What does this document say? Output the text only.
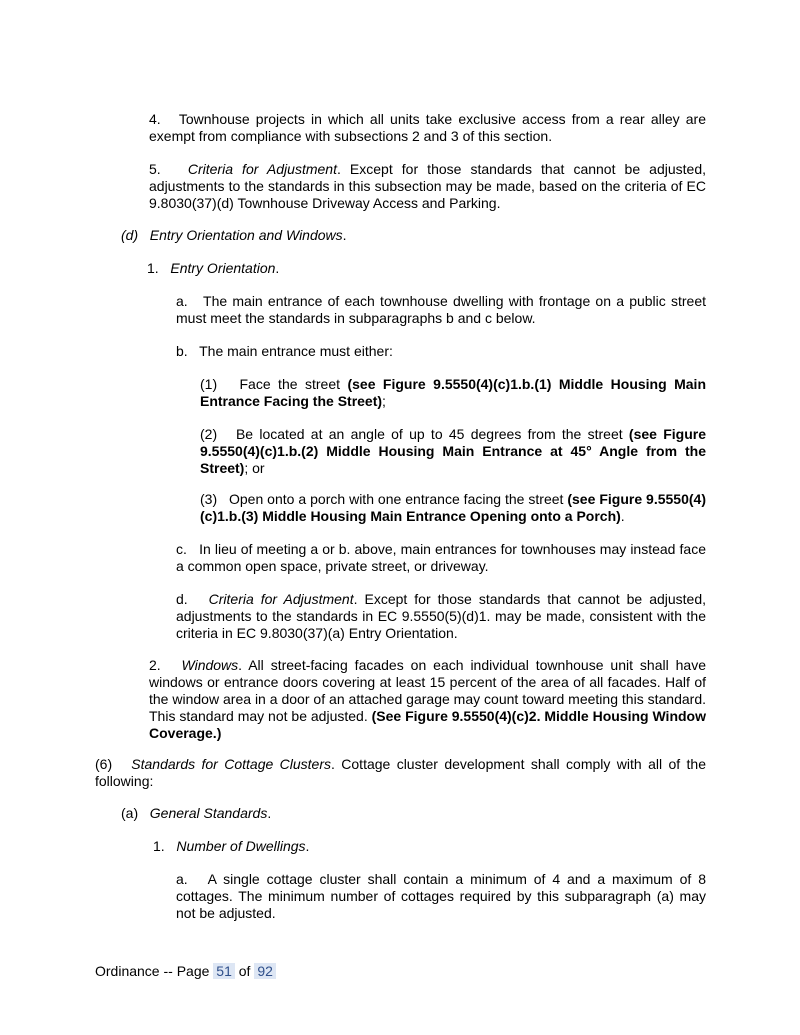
4. Townhouse projects in which all units take exclusive access from a rear alley are exempt from compliance with subsections 2 and 3 of this section.

5. Criteria for Adjustment. Except for those standards that cannot be adjusted, adjustments to the standards in this subsection may be made, based on the criteria of EC 9.8030(37)(d) Townhouse Driveway Access and Parking.

(d) Entry Orientation and Windows.

1. Entry Orientation.

a. The main entrance of each townhouse dwelling with frontage on a public street must meet the standards in subparagraphs b and c below.

b. The main entrance must either:

(1) Face the street (see Figure 9.5550(4)(c)1.b.(1) Middle Housing Main Entrance Facing the Street);

(2) Be located at an angle of up to 45 degrees from the street (see Figure 9.5550(4)(c)1.b.(2) Middle Housing Main Entrance at 45° Angle from the Street); or

(3) Open onto a porch with one entrance facing the street (see Figure 9.5550(4)(c)1.b.(3) Middle Housing Main Entrance Opening onto a Porch).

c. In lieu of meeting a or b. above, main entrances for townhouses may instead face a common open space, private street, or driveway.

d. Criteria for Adjustment. Except for those standards that cannot be adjusted, adjustments to the standards in EC 9.5550(5)(d)1. may be made, consistent with the criteria in EC 9.8030(37)(a) Entry Orientation.

2. Windows. All street-facing facades on each individual townhouse unit shall have windows or entrance doors covering at least 15 percent of the area of all facades. Half of the window area in a door of an attached garage may count toward meeting this standard. This standard may not be adjusted. (See Figure 9.5550(4)(c)2. Middle Housing Window Coverage.)

(6) Standards for Cottage Clusters. Cottage cluster development shall comply with all of the following:

(a) General Standards.

1. Number of Dwellings.

a. A single cottage cluster shall contain a minimum of 4 and a maximum of 8 cottages. The minimum number of cottages required by this subparagraph (a) may not be adjusted.

Ordinance -- Page 51 of 92
